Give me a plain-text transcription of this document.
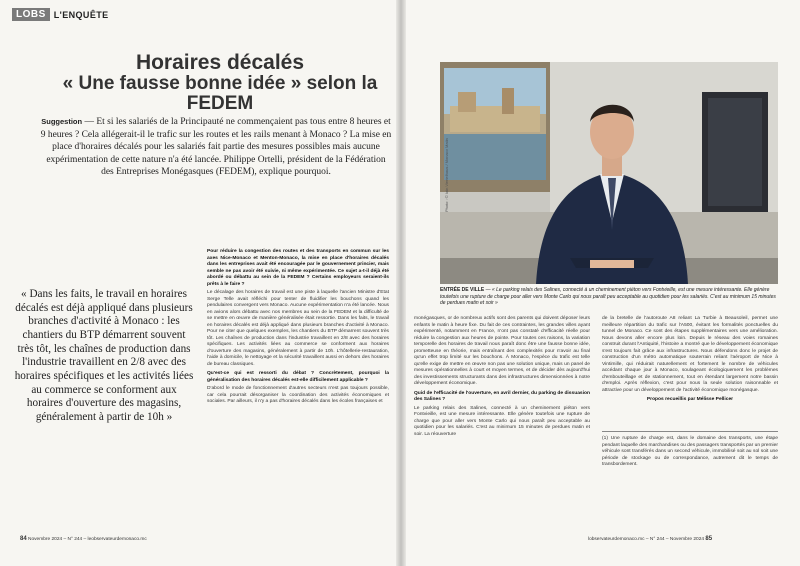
LOBS L'ENQUÊTE
Horaires décalés
« Une fausse bonne idée » selon la FEDEM
Suggestion — Et si les salariés de la Principauté ne commençaient pas tous entre 8 heures et 9 heures ? Cela allégerait-il le trafic sur les routes et les rails menant à Monaco ? La mise en place d'horaires décalés pour les salariés fait partie des mesures possibles mais aucune expérimentation de cette nature n'a été lancée. Philippe Ortelli, président de la Fédération des Entreprises Monégasques (FEDEM), explique pourquoi.
« Dans les faits, le travail en horaires décalés est déjà appliqué dans plusieurs branches d'activité à Monaco : les chantiers du BTP démarrent souvent très tôt, les chaînes de production dans l'industrie travaillent en 2/8 avec des horaires spécifiques et les activités liées au commerce se conforment aux horaires d'ouverture des magasins, généralement à partir de 10h »

Pour réduire la congestion des routes et des transports en commun sur les axes Nice-Monaco et Menton-Monaco, la mise en place d'horaires décalés dans les entreprises avait été encouragée par le gouvernement princier, mais semble ne pas avoir été suivie, ni même expérimentée. Ce sujet a-t-il déjà été abordé ou débattu au sein de la FEDEM ? Certains employeurs seraient-ils prêts à le faire ?

Le décalage des horaires de travail est une piste à laquelle l'ancien Ministre d'Etat Serge Telle avait réfléchi pour tenter de fluidifier les bouchons quand les pendulaires convergent vers Monaco. Aucune expérimentation n'a été lancée. Nous en avions alors débattu avec nos membres au sein de la FEDEM et la difficulté de se mettre en œuvre de manière généralisée était ressortie. Dans les faits, le travail en horaires décalés est déjà appliqué dans plusieurs branches d'activité à Monaco. Pour ne citer que quelques exemples, les chantiers du BTP démarrent souvent très tôt. Les chaînes de production dans l'industrie travaillent en 2/8 avec des horaires spécifiques. Les activités liées au commerce se conforment aux horaires d'ouverture des magasins, généralement à partir de 10h. L'hôtellerie-restauration, l'aide à domicile, le nettoyage et la sécurité travaillent aussi en dehors des horaires de bureau classiques.

Qu'est-ce qui est ressorti du débat ? Concrètement, pourquoi la généralisation des horaires décalés est-elle difficilement applicable ?

D'abord le mode de fonctionnement d'autres secteurs n'est pas toujours possible, car cela pourrait désorganiser la coordination des activités économiques et sociales. Par ailleurs, il n'y a pas d'horaires décalés dans les écoles françaises et

84 Novembre 2024 – N° 244 – leobservateurdemonaco.mc
Photo : © Iain Viertelhaus / Monaco Matin
ENTRÉE DE VILLE — « Le parking relais des Salines, connecté à un cheminement piéton vers Fontvieille, est une mesure intéressante. Elle génère toutefois une rupture de charge pour aller vers Monte Carlo qui nous paraît peu acceptable au quotidien pour les salariés. C'est au minimum 15 minutes de perdues matin et soir »

monégasques, or de nombreux actifs sont des parents qui doivent déposer leurs enfants le matin à heure fixe. Du fait de ces contraintes, les grandes villes ayant expérimenté, notamment en France, n'ont pas constaté d'efficacité réelle pour réduire la congestion aux heures de pointe. Pour toutes ces raisons, la variation temporelle des horaires de travail nous paraît donc être une fausse bonne idée, prometteuse en théorie, mais entraînant des complexités pour n'avoir au final qu'un effet trop limité sur les bouchons. À Monaco, l'espèce du trafic est telle qu'elle exige de mettre en œuvre non pas une solution unique, mais un panel de mesures opérationnelles à court et moyen termes, et de décider dès aujourd'hui des investissements structurants dans des infrastructures dimensionnées à notre développement économique.

Quid de l'efficacité de l'ouverture, en avril dernier, du parking de dissuasion des Salines ?

Le parking relais des Salines, connecté à un cheminement piéton vers Fontvieille, est une mesure intéressante. Elle génère toutefois une rupture de charge que pour aller vers Monte Carlo qui nous paraît peu acceptable au quotidien pour les salariés. C'est au minimum 15 minutes de perdues matin et soir. La réouverture

de la bretelle de l'autoroute A8 reliant La Turbie à Beausoleil, permet une meilleure répartition du trafic sur l'A500, évitant les formalités ponctuelles du tunnel de Monaco. Ce sont des étapes supplémentaires vers une amélioration. Nous devons aller encore plus loin. Depuis le réseau des voies romaines construit durant l'Antiquité, l'histoire a montré que le développement économique s'est toujours fait grâce aux infrastructures. Nous défendons donc le projet de construction d'un métro automatique souterrain reliant l'aéroport de Nice à Vintimille, qui réduirait naturellement et fortement le nombre de véhicules accédant chaque jour à Monaco, soulageant écologiquement les problèmes d'embouteillage et de stationnement, tout en étendant largement notre bassin d'emploi. Après réflexion, c'est pour nous la seule solution raisonnable et attractive pour un développement de l'activité économique monégasque.

Propos recueillis par Mélisse Pellicer

(1) Une rupture de charge est, dans le domaine des transports, une étape pendant laquelle des marchandises ou des passagers transportés par un premier véhicule sont transférés dans un second véhicule, immobilisé soit au sol soit une période de stockage ou de correspondance, autrement dit le temps de transbordement.

lobservateurdemonaco.mc – N° 244 – Novembre 2024 85
